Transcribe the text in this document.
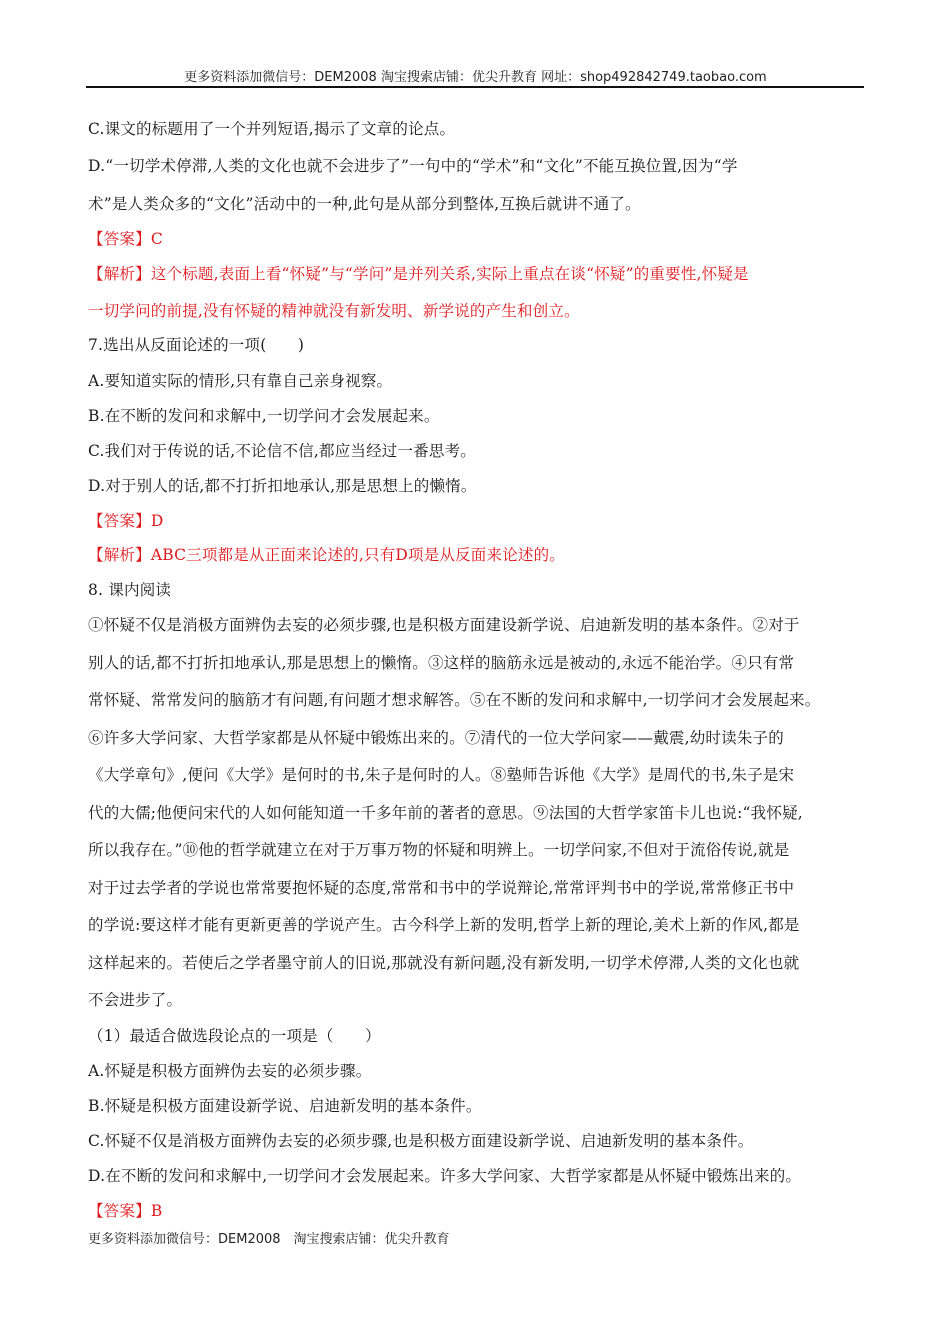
更多资料添加微信号：DEM2008 淘宝搜索店铺：优尖升教育 网址：shop492842749.taobao.com
C.课文的标题用了一个并列短语,揭示了文章的论点。
D.“一切学术停滞,人类的文化也就不会进步了”一句中的“学术”和“文化”不能互换位置,因为“学
术”是人类众多的“文化”活动中的一种,此句是从部分到整体,互换后就讲不通了。
【答案】C
【解析】这个标题,表面上看“怀疑”与“学问”是并列关系,实际上重点在谈“怀疑”的重要性,怀疑是
一切学问的前提,没有怀疑的精神就没有新发明、新学说的产生和创立。
7.选出从反面论述的一项(　　)
A.要知道实际的情形,只有靠自己亲身视察。
B.在不断的发问和求解中,一切学问才会发展起来。
C.我们对于传说的话,不论信不信,都应当经过一番思考。
D.对于别人的话,都不打折扣地承认,那是思想上的懒惰。
【答案】D
【解析】ABC三项都是从正面来论述的,只有D项是从反面来论述的。
8. 课内阅读
①怀疑不仅是消极方面辨伪去妄的必须步骤,也是积极方面建设新学说、启迪新发明的基本条件。②对于
别人的话,都不打折扣地承认,那是思想上的懒惰。③这样的脑筋永远是被动的,永远不能治学。④只有常
常怀疑、常常发问的脑筋才有问题,有问题才想求解答。⑤在不断的发问和求解中,一切学问才会发展起来。
⑥许多大学问家、大哲学家都是从怀疑中锻炼出来的。⑦清代的一位大学问家——戴震,幼时读朱子的
《大学章句》,便问《大学》是何时的书,朱子是何时的人。⑧塾师告诉他《大学》是周代的书,朱子是宋
代的大儒;他便问宋代的人如何能知道一千多年前的著者的意思。⑨法国的大哲学家笛卡儿也说:“我怀疑,
所以我存在。”⑩他的哲学就建立在对于万事万物的怀疑和明辨上。一切学问家,不但对于流俗传说,就是
对于过去学者的学说也常常要抱怀疑的态度,常常和书中的学说辩论,常常评判书中的学说,常常修正书中
的学说:要这样才能有更新更善的学说产生。古今科学上新的发明,哲学上新的理论,美术上新的作风,都是
这样起来的。若使后之学者墨守前人的旧说,那就没有新问题,没有新发明,一切学术停滞,人类的文化也就
不会进步了。
（1）最适合做选段论点的一项是（　　）
A.怀疑是积极方面辨伪去妄的必须步骤。
B.怀疑是积极方面建设新学说、启迪新发明的基本条件。
C.怀疑不仅是消极方面辨伪去妄的必须步骤,也是积极方面建设新学说、启迪新发明的基本条件。
D.在不断的发问和求解中,一切学问才会发展起来。许多大学问家、大哲学家都是从怀疑中锻炼出来的。
【答案】B
更多资料添加微信号：DEM2008　淘宝搜索店铺：优尖升教育
